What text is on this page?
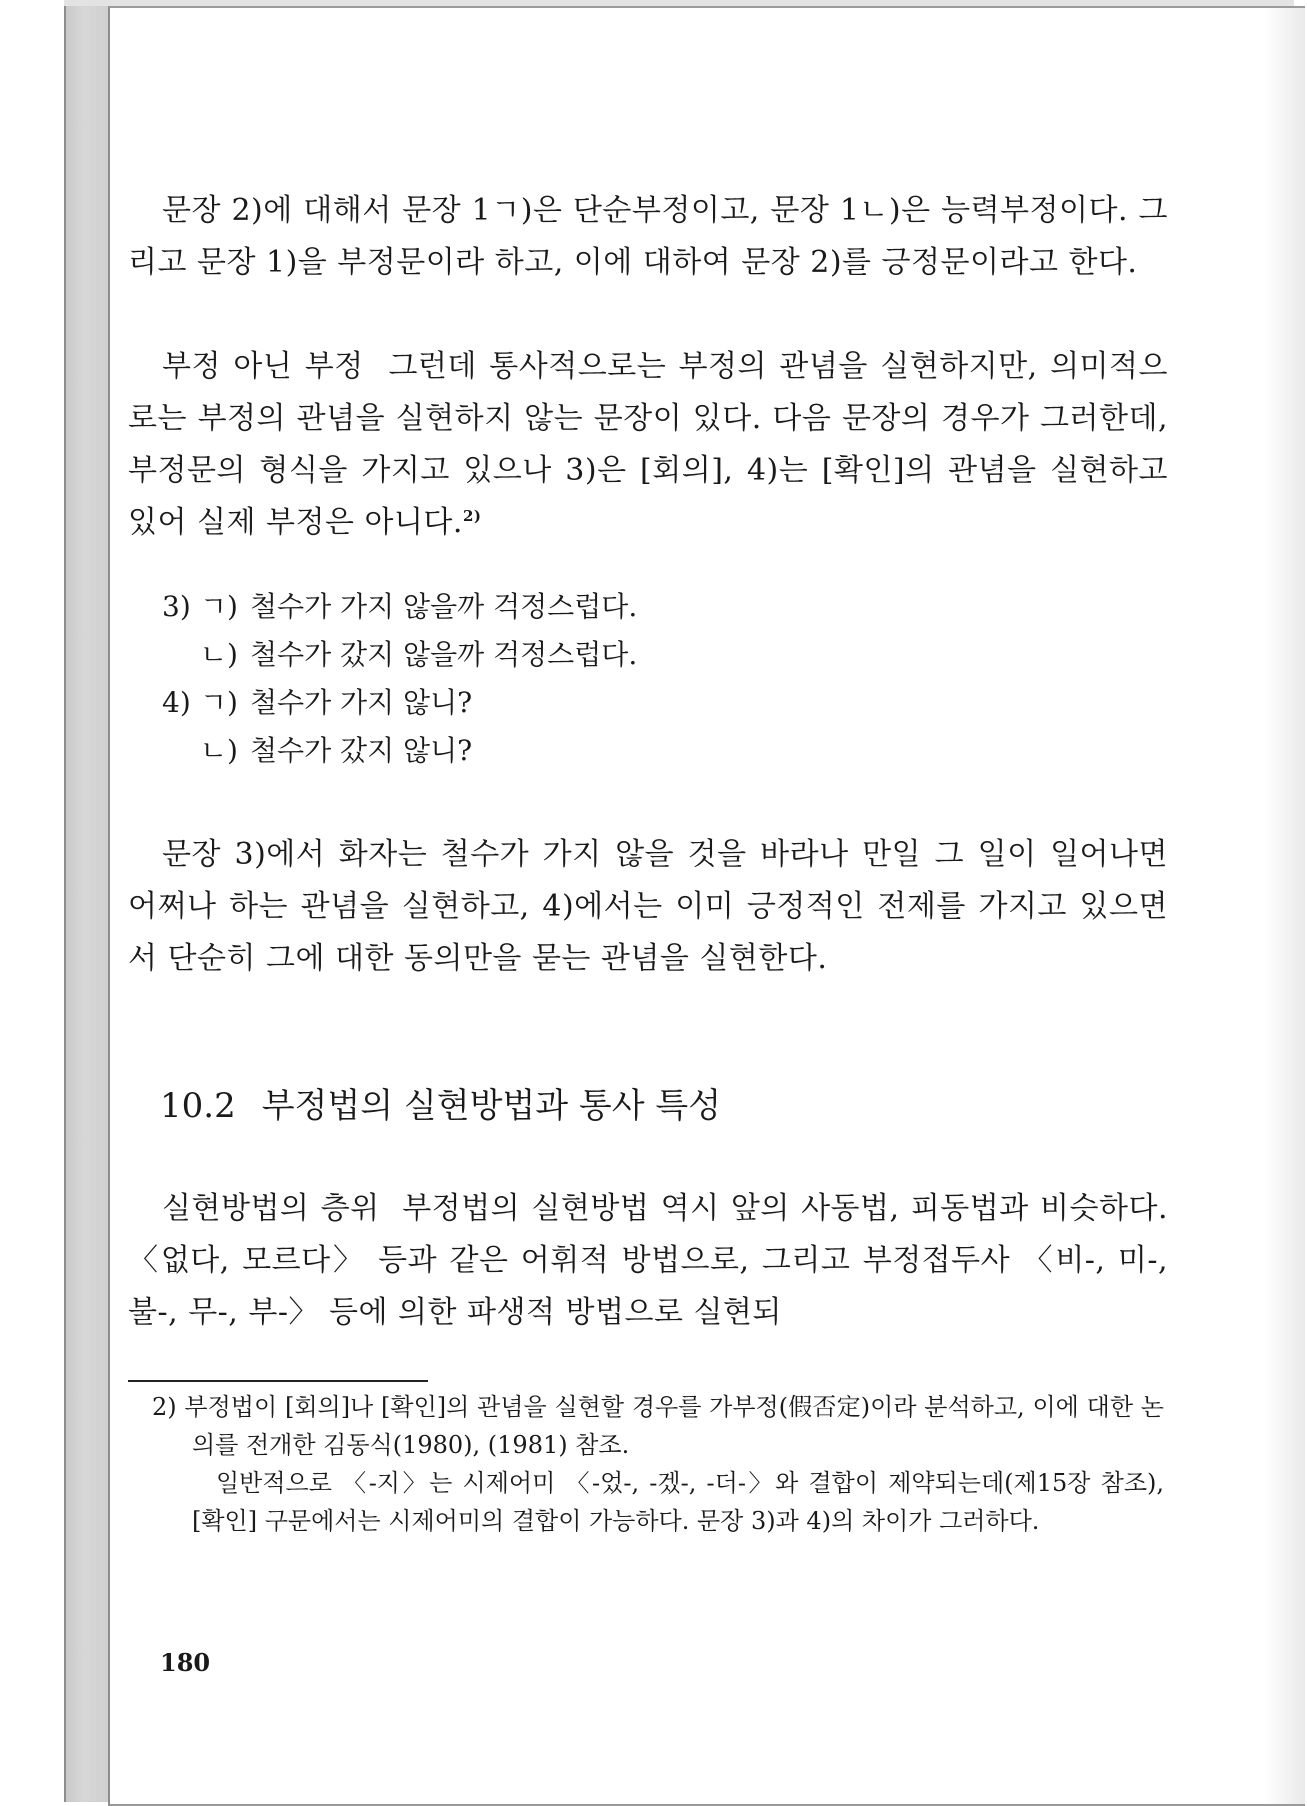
문장 2)에 대해서 문장 1ㄱ)은 단순부정이고, 문장 1ㄴ)은 능력부정이다. 그리고 문장 1)을 부정문이라 하고, 이에 대하여 문장 2)를 긍정문이라고 한다.

부정 아닌 부정 그런데 통사적으로는 부정의 관념을 실현하지만, 의미적으로는 부정의 관념을 실현하지 않는 문장이 있다. 다음 문장의 경우가 그러한데, 부정문의 형식을 가지고 있으나 3)은 [회의], 4)는 [확인]의 관념을 실현하고 있어 실제 부정은 아니다.$^{2)}$

3) ㄱ) 철수가 가지 않을까 걱정스럽다.
ㄴ) 철수가 갔지 않을까 걱정스럽다.
4) ㄱ) 철수가 가지 않니?
ㄴ) 철수가 갔지 않니?

문장 3)에서 화자는 철수가 가지 않을 것을 바라나 만일 그 일이 일어나면 어쩌나 하는 관념을 실현하고, 4)에서는 이미 긍정적인 전제를 가지고 있으면서 단순히 그에 대한 동의만을 묻는 관념을 실현한다.

10.2 부정법의 실현방법과 통사 특성

실현방법의 층위 부정법의 실현방법 역시 앞의 사동법, 피동법과 비슷하다. 〈없다, 모르다〉 등과 같은 어휘적 방법으로, 그리고 부정접두사 〈비-, 미-, 불-, 무-, 부-〉 등에 의한 파생적 방법으로 실현되

2) 부정법이 [회의]나 [확인]의 관념을 실현할 경우를 가부정(假否定)이라 분석하고, 이에 대한 논의를 전개한 김동식(1980), (1981) 참조.

일반적으로 〈-지〉는 시제어미 〈-었-, -겠-, -더-〉와 결합이 제약되는데(제15장 참조), [확인] 구문에서는 시제어미의 결합이 가능하다. 문장 3)과 4)의 차이가 그러하다.

180
